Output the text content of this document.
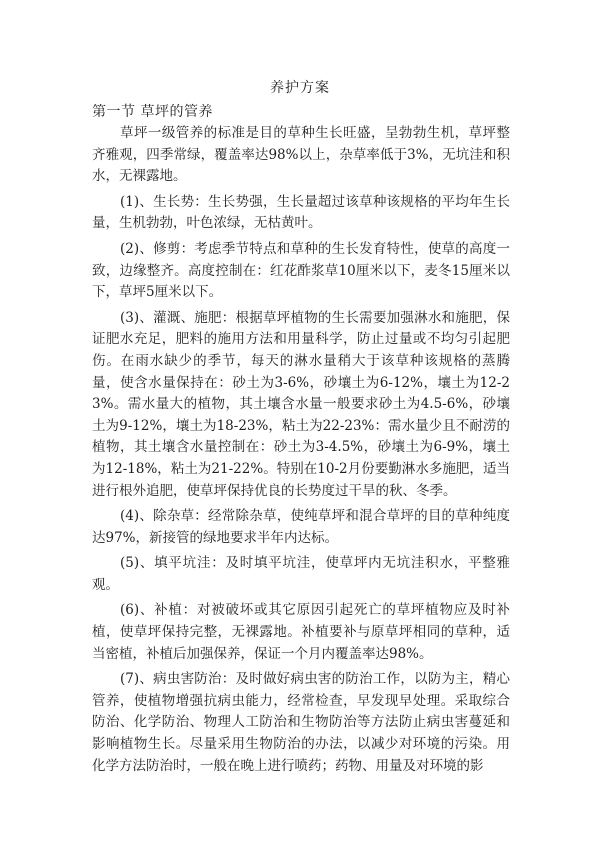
养护方案
第一节 草坪的管养

草坪一级管养的标准是目的草种生长旺盛，呈勃勃生机，草坪整齐雅观，四季常绿，覆盖率达98%以上，杂草率低于3%，无坑洼和积水，无裸露地。

(1)、生长势：生长势强，生长量超过该草种该规格的平均年生长量，生机勃勃，叶色浓绿，无枯黄叶。

(2)、修剪：考虑季节特点和草种的生长发育特性，使草的高度一致，边缘整齐。高度控制在：红花酢浆草10厘米以下，麦冬15厘米以下，草坪5厘米以下。

(3)、灌溉、施肥：根据草坪植物的生长需要加强淋水和施肥，保证肥水充足，肥料的施用方法和用量科学，防止过量或不均匀引起肥伤。在雨水缺少的季节，每天的淋水量稍大于该草种该规格的蒸腾量，使含水量保持在：砂土为3-6%，砂壤土为6-12%，壤土为12-23%。需水量大的植物，其土壤含水量一般要求砂土为4.5-6%，砂壤土为9-12%，壤土为18-23%，粘土为22-23%：需水量少且不耐涝的植物，其土壤含水量控制在：砂土为3-4.5%，砂壤土为6-9%，壤土为12-18%，粘土为21-22%。特别在10-2月份要勤淋水多施肥，适当进行根外追肥，使草坪保持优良的长势度过干旱的秋、冬季。

(4)、除杂草：经常除杂草，使纯草坪和混合草坪的目的草种纯度达97%，新接管的绿地要求半年内达标。

(5)、填平坑洼：及时填平坑洼，使草坪内无坑洼积水，平整雅观。

(6)、补植：对被破坏或其它原因引起死亡的草坪植物应及时补植，使草坪保持完整，无裸露地。补植要补与原草坪相同的草种，适当密植，补植后加强保养，保证一个月内覆盖率达98%。

(7)、病虫害防治：及时做好病虫害的防治工作，以防为主，精心管养，使植物增强抗病虫能力，经常检查，早发现早处理。采取综合防治、化学防治、物理人工防治和生物防治等方法防止病虫害蔓延和影响植物生长。尽量采用生物防治的办法，以减少对环境的污染。用化学方法防治时，一般在晚上进行喷药；药物、用量及对环境的影
